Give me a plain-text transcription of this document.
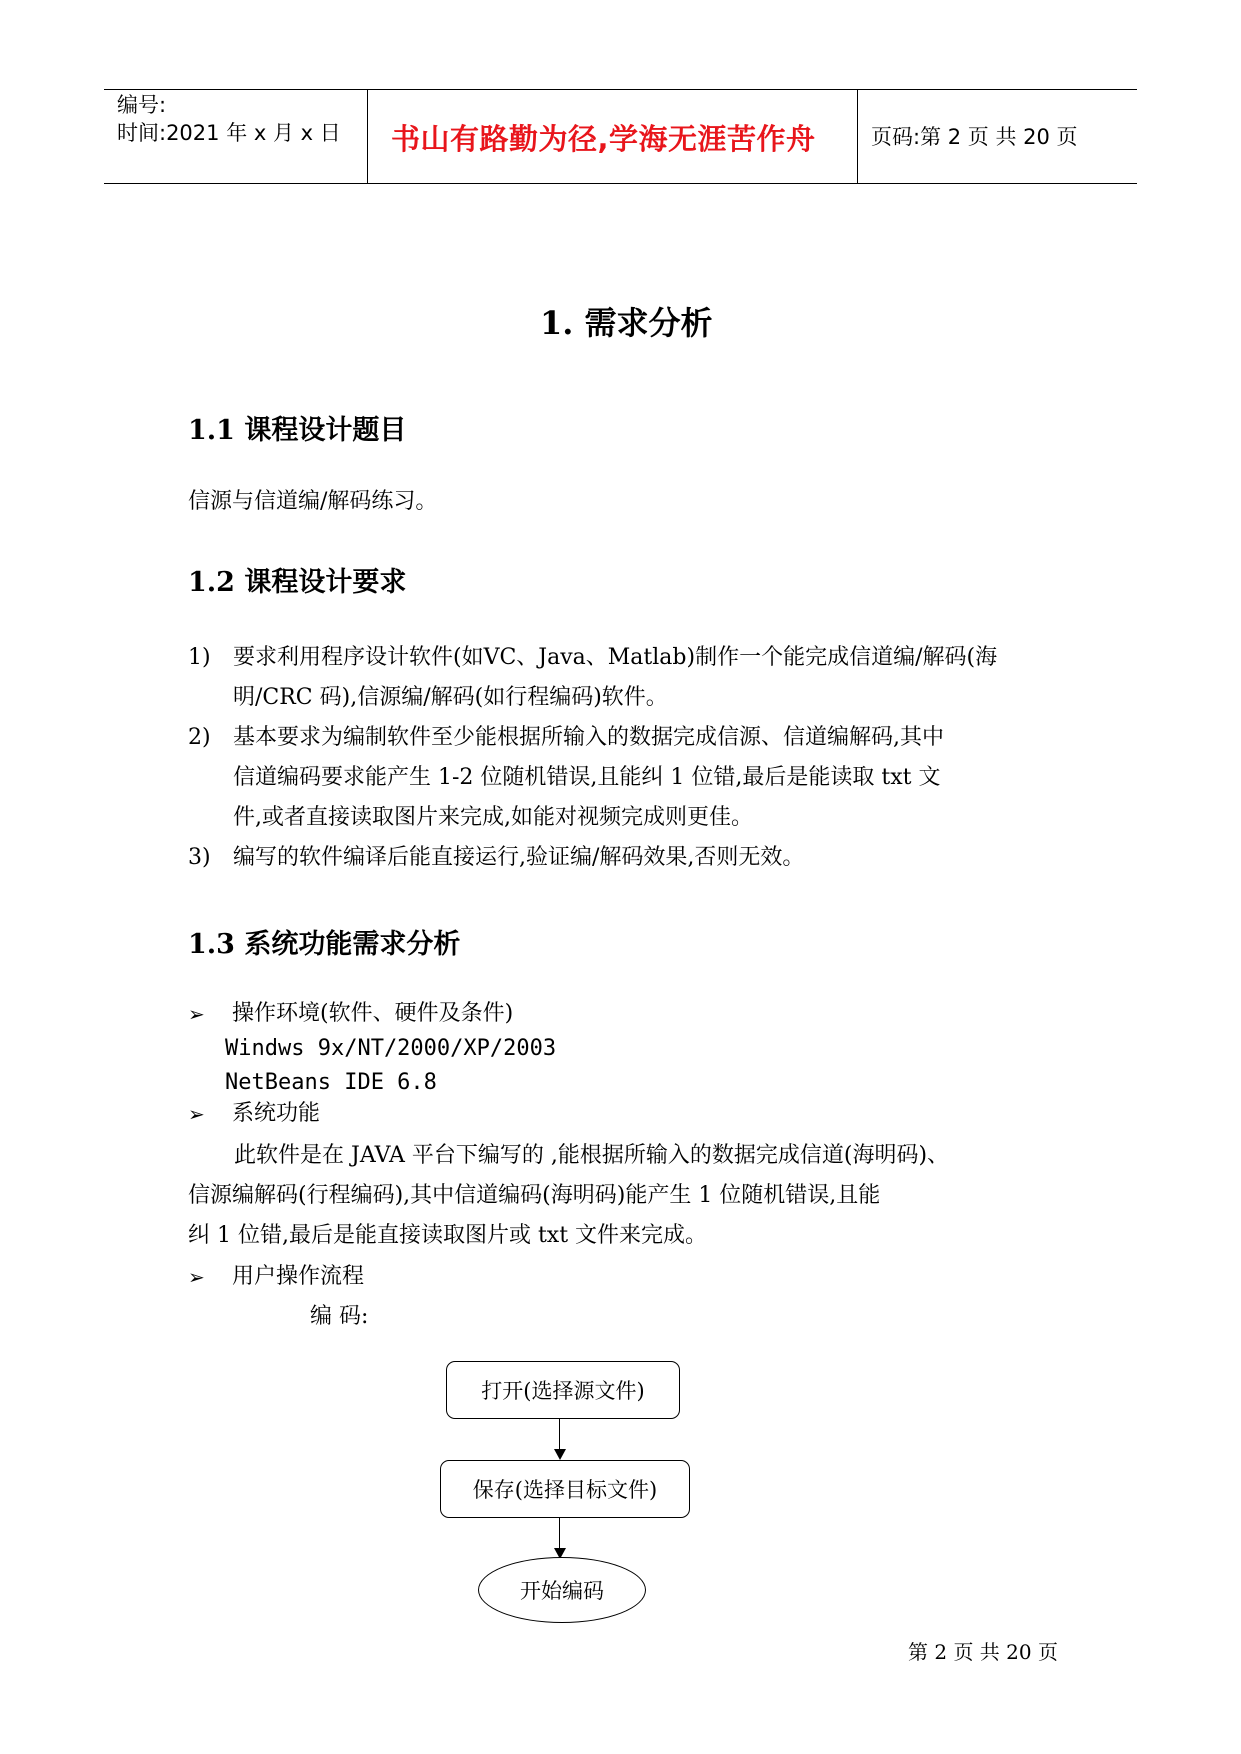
编号:
时间:2021 年 x 月 x 日 书山有路勤为径,学海无涯苦作舟	页码:第 2 页 共 20 页
1. 需求分析
1.1 课程设计题目
信源与信道编/解码练习。
1.2 课程设计要求
1)	要求利用程序设计软件(如VC、Java、Matlab)制作一个能完成信道编/解码(海
明/CRC 码),信源编/解码(如行程编码)软件。
2)	基本要求为编制软件至少能根据所输入的数据完成信源、信道编解码,其中
信道编码要求能产生 1-2 位随机错误,且能纠 1 位错,最后是能读取 txt 文
件,或者直接读取图片来完成,如能对视频完成则更佳。
3)	编写的软件编译后能直接运行,验证编/解码效果,否则无效。
1.3 系统功能需求分析
➢ 操作环境(软件、硬件及条件)
Windws 9x/NT/2000/XP/2003
NetBeans IDE 6.8
➢ 系统功能
此软件是在 JAVA 平台下编写的 ,能根据所输入的数据完成信道(海明码)、
信源编解码(行程编码),其中信道编码(海明码)能产生 1 位随机错误,且能
纠 1 位错,最后是能直接读取图片或 txt 文件来完成。
➢ 用户操作流程
编 码:
打开(选择源文件)
保存(选择目标文件)
开始编码
第 2 页 共 20 页
